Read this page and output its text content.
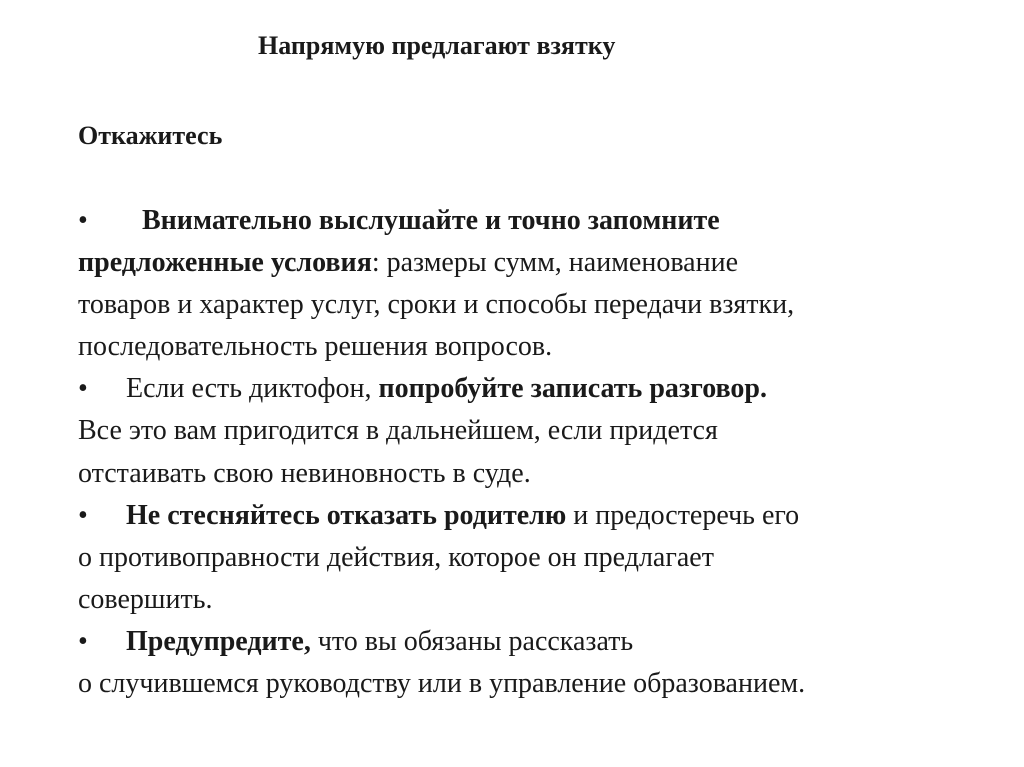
Напрямую предлагают взятку
Откажитесь
• Внимательно выслушайте и точно запомните
предложенные условия: размеры сумм, наименование
товаров и характер услуг, сроки и способы передачи взятки,
последовательность решения вопросов.
• Если есть диктофон, попробуйте записать разговор.
Все это вам пригодится в дальнейшем, если придется
отстаивать свою невиновность в суде.
• Не стесняйтесь отказать родителю и предостеречь его
о противоправности действия, которое он предлагает
совершить.
• Предупредите, что вы обязаны рассказать
о случившемся руководству или в управление образованием.
